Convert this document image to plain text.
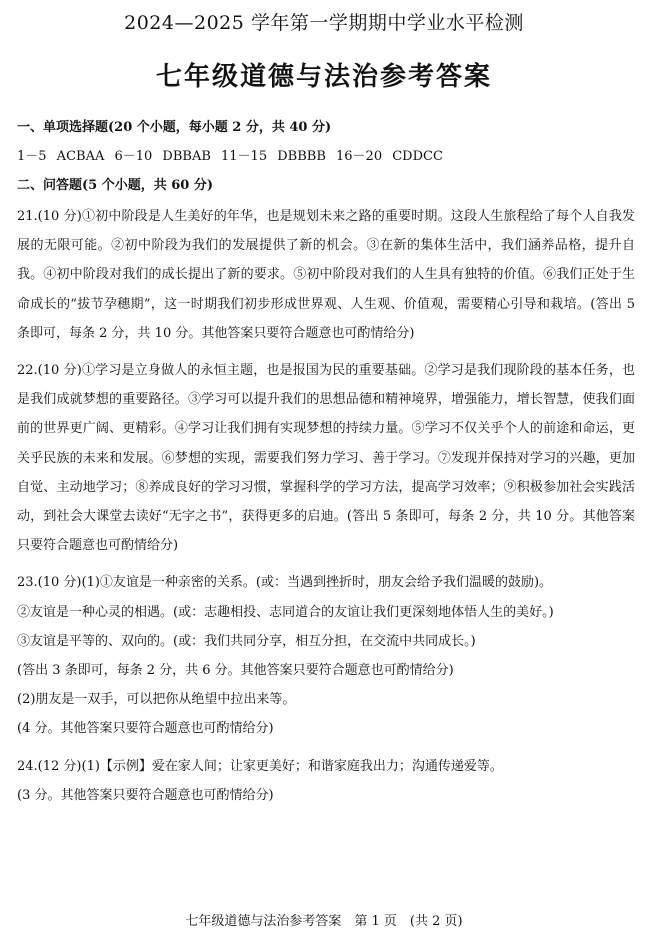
2024—2025 学年第一学期期中学业水平检测
七年级道德与法治参考答案

一、单项选择题(20 个小题，每小题 2 分，共 40 分)

1－5 ACBAA 6－10 DBBAB 11－15 DBBBB 16－20 CDDCC

二、问答题(5 个小题，共 60 分)

21.(10 分)①初中阶段是人生美好的年华，也是规划未来之路的重要时期。这段人生旅程给了每个人自我发展的无限可能。②初中阶段为我们的发展提供了新的机会。③在新的集体生活中，我们涵养品格，提升自我。④初中阶段对我们的成长提出了新的要求。⑤初中阶段对我们的人生具有独特的价值。⑥我们正处于生命成长的“拔节孕穗期”，这一时期我们初步形成世界观、人生观、价值观，需要精心引导和栽培。(答出 5 条即可，每条 2 分，共 10 分。其他答案只要符合题意也可酌情给分)

22.(10 分)①学习是立身做人的永恒主题，也是报国为民的重要基础。②学习是我们现阶段的基本任务，也是我们成就梦想的重要路径。③学习可以提升我们的思想品德和精神境界，增强能力，增长智慧，使我们面前的世界更广阔、更精彩。④学习让我们拥有实现梦想的持续力量。⑤学习不仅关乎个人的前途和命运，更关乎民族的未来和发展。⑥梦想的实现，需要我们努力学习、善于学习。⑦发现并保持对学习的兴趣，更加自觉、主动地学习；⑧养成良好的学习习惯，掌握科学的学习方法，提高学习效率；⑨积极参加社会实践活动，到社会大课堂去读好“无字之书”，获得更多的启迪。(答出 5 条即可，每条 2 分，共 10 分。其他答案只要符合题意也可酌情给分)

23.(10 分)(1)①友谊是一种亲密的关系。(或：当遇到挫折时，朋友会给予我们温暖的鼓励)。
②友谊是一种心灵的相遇。(或：志趣相投、志同道合的友谊让我们更深刻地体悟人生的美好。)
③友谊是平等的、双向的。(或：我们共同分享，相互分担，在交流中共同成长。)
(答出 3 条即可，每条 2 分，共 6 分。其他答案只要符合题意也可酌情给分)
(2)朋友是一双手，可以把你从绝望中拉出来等。
(4 分。其他答案只要符合题意也可酌情给分)
24.(12 分)(1)【示例】爱在家人间；让家更美好；和谐家庭我出力；沟通传递爱等。
(3 分。其他答案只要符合题意也可酌情给分)
七年级道德与法治参考答案　第 1 页　(共 2 页)
